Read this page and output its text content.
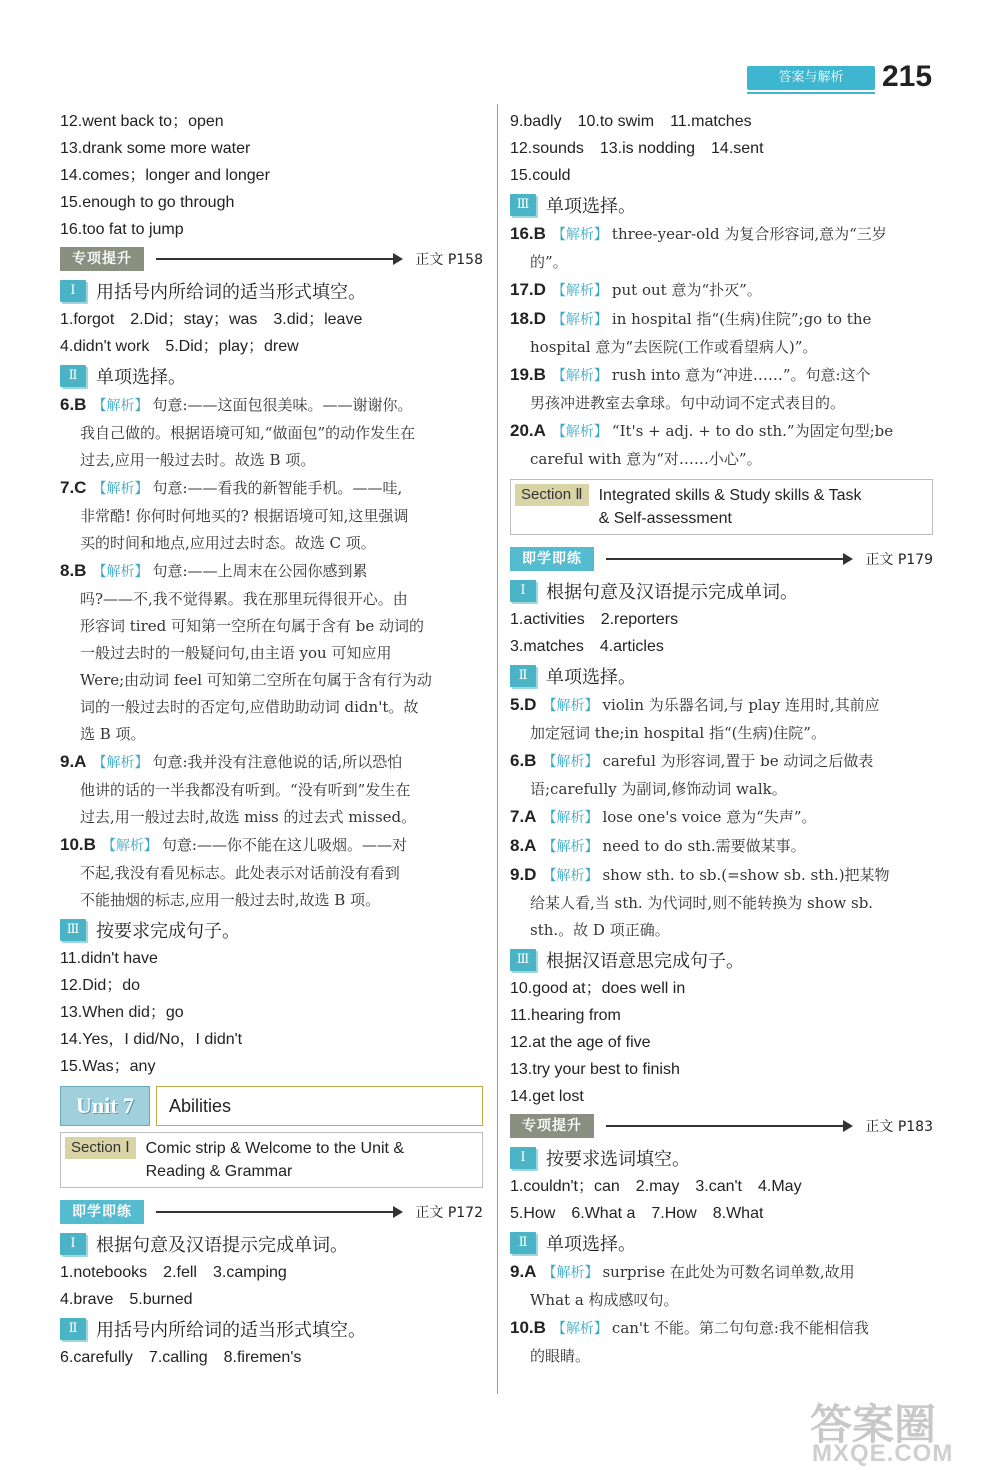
答案与解析	215
12.went back to；open
13.drank some more water
14.comes；longer and longer
15.enough to go through
16.too fat to jump
专项提升	正文 P158
Ⅰ	用括号内所给词的适当形式填空。
1.forgot　2.Did；stay；was　3.did；leave
4.didn't work　5.Did；play；drew
Ⅱ	单项选择。
6.B 【解析】 句意:——这面包很美味。——谢谢你。
我自己做的。根据语境可知,“做面包”的动作发生在
过去,应用一般过去时。故选 B 项。
7.C 【解析】 句意:——看我的新智能手机。——哇,
非常酷! 你何时何地买的? 根据语境可知,这里强调
买的时间和地点,应用过去时态。故选 C 项。
8.B 【解析】 句意:——上周末在公园你感到累
吗?——不,我不觉得累。我在那里玩得很开心。由
形容词 tired 可知第一空所在句属于含有 be 动词的
一般过去时的一般疑问句,由主语 you 可知应用
Were;由动词 feel 可知第二空所在句属于含有行为动
词的一般过去时的否定句,应借助助动词 didn't。故
选 B 项。
9.A 【解析】 句意:我并没有注意他说的话,所以恐怕
他讲的话的一半我都没有听到。“没有听到”发生在
过去,用一般过去时,故选 miss 的过去式 missed。
10.B 【解析】 句意:——你不能在这儿吸烟。——对
不起,我没有看见标志。此处表示对话前没有看到
不能抽烟的标志,应用一般过去时,故选 B 项。
Ⅲ 按要求完成句子。
11.didn't have
12.Did；do
13.When did；go
14.Yes，I did/No，I didn't
15.Was；any
Unit 7	Abilities
Section Ⅰ	Comic strip & Welcome to the Unit &
Reading & Grammar
即学即练	正文 P172
Ⅰ	根据句意及汉语提示完成单词。
1.notebooks　2.fell　3.camping
4.brave　5.burned
Ⅱ	用括号内所给词的适当形式填空。
6.carefully　7.calling　8.firemen's
9.badly　10.to swim　11.matches
12.sounds　13.is nodding　14.sent
15.could
Ⅲ 单项选择。
16.B 【解析】 three-year-old 为复合形容词,意为“三岁
的”。
17.D 【解析】 put out 意为“扑灭”。
18.D 【解析】 in hospital 指“(生病)住院”;go to the
hospital 意为“去医院(工作或看望病人)”。
19.B 【解析】 rush into 意为“冲进……”。句意:这个
男孩冲进教室去拿球。句中动词不定式表目的。
20.A 【解析】 “It's + adj. + to do sth.”为固定句型;be
careful with 意为“对……小心”。
Section Ⅱ	Integrated skills & Study skills & Task
& Self-assessment
即学即练	正文 P179
Ⅰ	根据句意及汉语提示完成单词。
1.activities　2.reporters
3.matches　4.articles
Ⅱ	单项选择。
5.D 【解析】 violin 为乐器名词,与 play 连用时,其前应
加定冠词 the;in hospital 指“(生病)住院”。
6.B 【解析】 careful 为形容词,置于 be 动词之后做表
语;carefully 为副词,修饰动词 walk。
7.A 【解析】 lose one's voice 意为“失声”。
8.A 【解析】 need to do sth.需要做某事。
9.D 【解析】 show sth. to sb.(=show sb. sth.)把某物
给某人看,当 sth. 为代词时,则不能转换为 show sb.
sth.。故 D 项正确。
Ⅲ 根据汉语意思完成句子。
10.good at；does well in
11.hearing from
12.at the age of five
13.try your best to finish
14.get lost
专项提升	正文 P183
Ⅰ	按要求选词填空。
1.couldn't；can　2.may　3.can't　4.May
5.How　6.What a　7.How　8.What
Ⅱ	单项选择。
9.A 【解析】 surprise 在此处为可数名词单数,故用
What a 构成感叹句。
10.B 【解析】 can't 不能。第二句句意:我不能相信我
的眼睛。
答案圈
MXQE.COM
